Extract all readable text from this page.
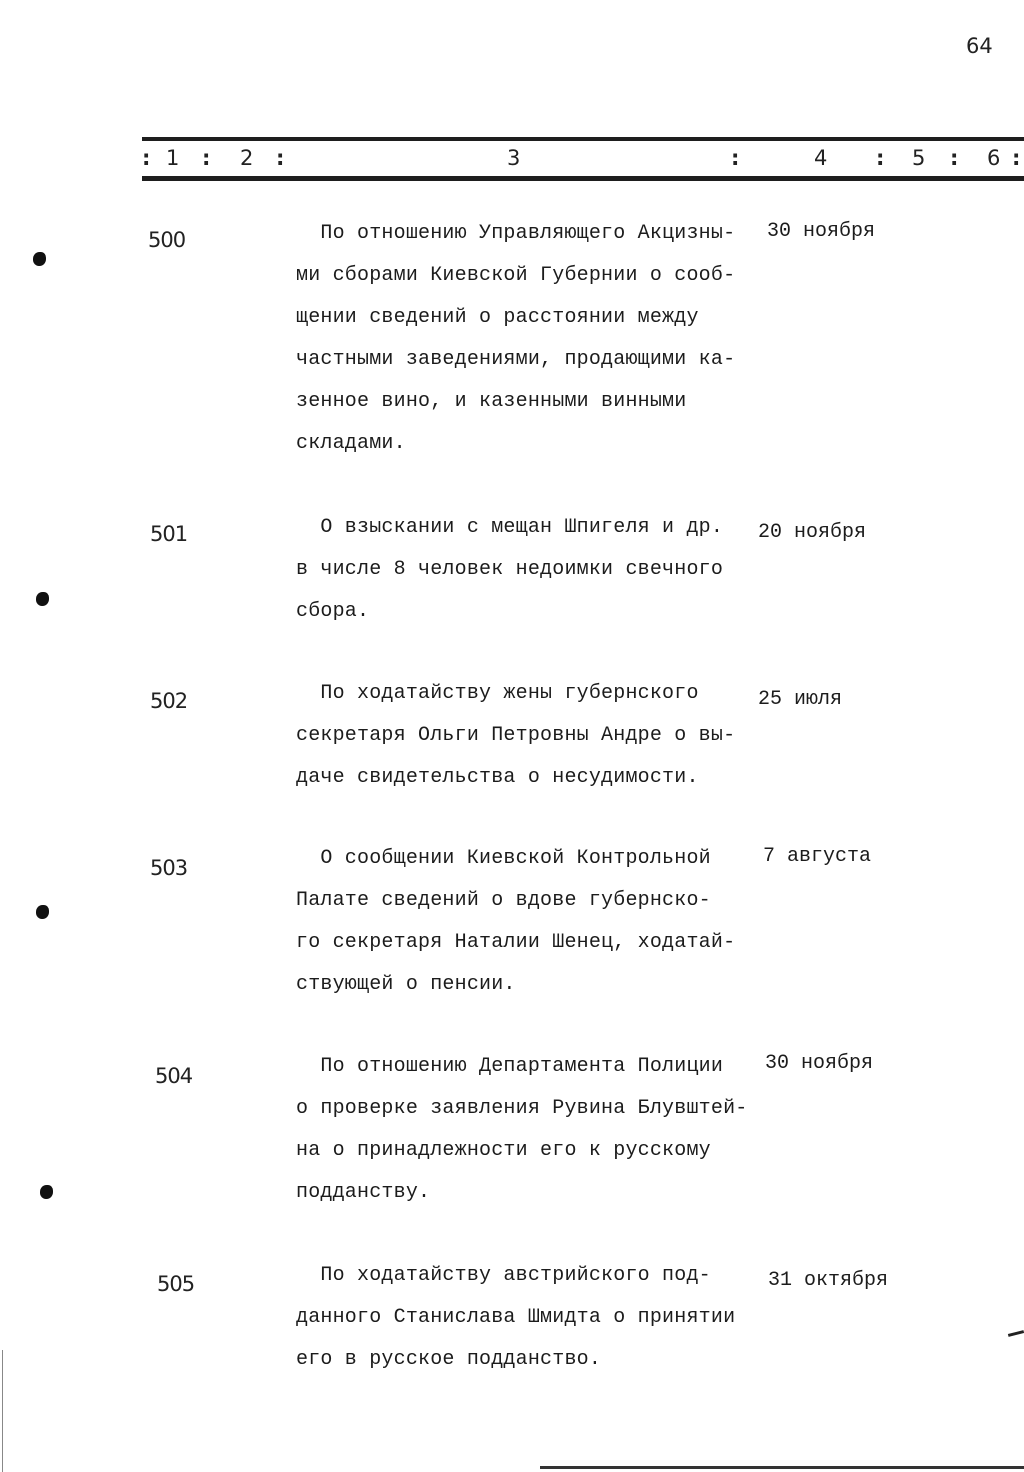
64
: 1 : 2 :	3	:	4 : 5 : 6 :
500	По отношению Управляющего Акцизны-
ми сборами Киевской Губернии о сооб-
щении сведений о расстоянии между
частными заведениями, продающими ка-
зенное вино, и казенными винными
складами.
30 ноября
501	О взыскании с мещан Шпигеля и др.
в числе 8 человек недоимки свечного
сбора.
20 ноября
502	По ходатайству жены губернского
секретаря Ольги Петровны Андре о вы-
даче свидетельства о несудимости.
25 июля
503	О сообщении Киевской Контрольной
Палате сведений о вдове губернско-
го секретаря Наталии Шенец, ходатай-
ствующей о пенсии.
7 августа
504	По отношению Департамента Полиции
о проверке заявления Рувина Блувштей-
на о принадлежности его к русскому
подданству.
30 ноября
505	По ходатайству австрийского под-
данного Станислава Шмидта о принятии
его в русское подданство.
31 октября
